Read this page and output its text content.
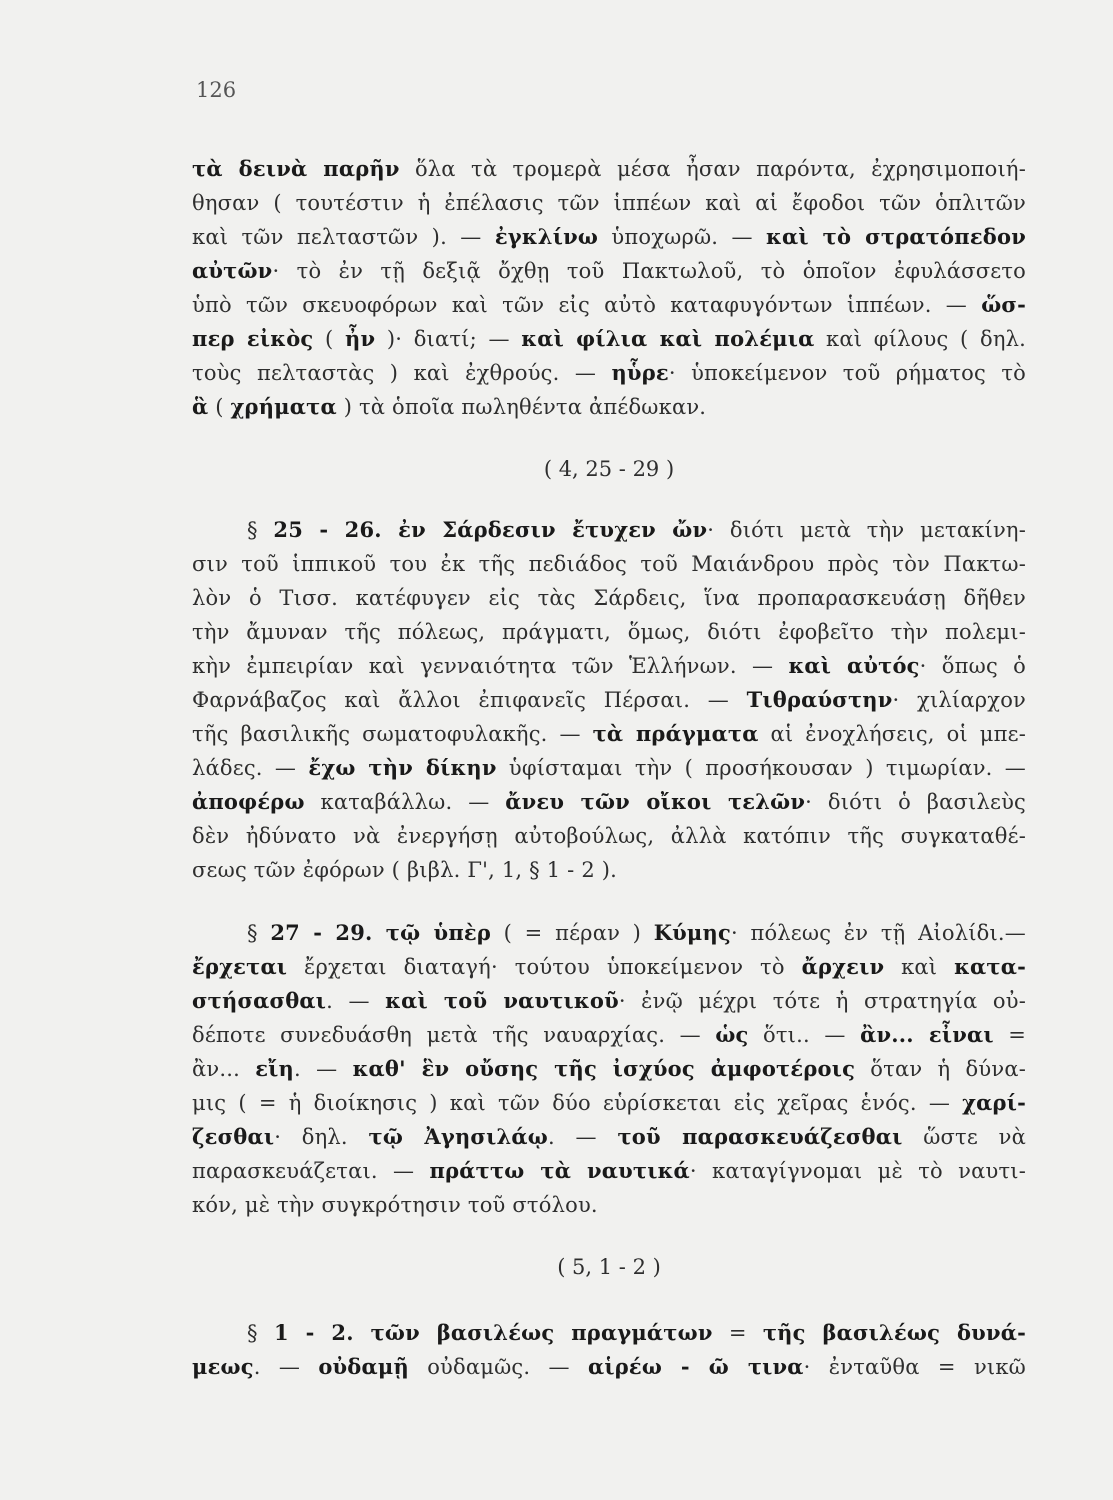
126
τὰ δεινὰ παρῆν ὅλα τὰ τρομερὰ μέσα ἦσαν παρόντα, ἐχρησιμοποιή-
θησαν ( τουτέστιν ἡ ἐπέλασις τῶν ἱππέων καὶ αἱ ἔφοδοι τῶν ὁπλιτῶν
καὶ τῶν πελταστῶν ). — ἐγκλίνω ὑποχωρῶ. — καὶ τὸ στρατόπεδον
αὐτῶν· τὸ ἐν τῇ δεξιᾷ ὄχθῃ τοῦ Πακτωλοῦ, τὸ ὁποῖον ἐφυλάσσετο
ὑπὸ τῶν σκευοφόρων καὶ τῶν εἰς αὐτὸ καταφυγόντων ἱππέων. — ὥσ-
περ εἰκὸς ( ἦν )· διατί; — καὶ φίλια καὶ πολέμια καὶ φίλους ( δηλ.
τοὺς πελταστὰς ) καὶ ἐχθρούς. — ηὗρε· ὑποκείμενον τοῦ ρήματος τὸ
ἃ ( χρήματα ) τὰ ὁποῖα πωληθέντα ἀπέδωκαν.
( 4, 25 - 29 )
§ 25 - 26. ἐν Σάρδεσιν ἔτυχεν ὤν· διότι μετὰ τὴν μετακίνη-
σιν τοῦ ἱππικοῦ του ἐκ τῆς πεδιάδος τοῦ Μαιάνδρου πρὸς τὸν Πακτω-
λὸν ὁ Τισσ. κατέφυγεν εἰς τὰς Σάρδεις, ἵνα προπαρασκευάσῃ δῆθεν
τὴν ἄμυναν τῆς πόλεως, πράγματι, ὅμως, διότι ἐφοβεῖτο τὴν πολεμι-
κὴν ἐμπειρίαν καὶ γενναιότητα τῶν Ἑλλήνων. — καὶ αὐτός· ὅπως ὁ
Φαρνάβαζος καὶ ἄλλοι ἐπιφανεῖς Πέρσαι. — Τιθραύστην· χιλίαρχον
τῆς βασιλικῆς σωματοφυλακῆς. — τὰ πράγματα αἱ ἐνοχλήσεις, οἱ μπε-
λάδες. — ἔχω τὴν δίκην ὑφίσταμαι τὴν ( προσήκουσαν ) τιμωρίαν. —
ἀποφέρω καταβάλλω. — ἄνευ τῶν οἴκοι τελῶν· διότι ὁ βασιλεὺς
δὲν ἠδύνατο νὰ ἐνεργήσῃ αὐτοβούλως, ἀλλὰ κατόπιν τῆς συγκαταθέ-
σεως τῶν ἐφόρων ( βιβλ. Γ', 1, § 1 - 2 ).
§ 27 - 29. τῷ ὑπὲρ ( = πέραν ) Κύμης· πόλεως ἐν τῇ Αἰολίδι.—
ἔρχεται ἔρχεται διαταγή· τούτου ὑποκείμενον τὸ ἄρχειν καὶ κατα-
στήσασθαι. — καὶ τοῦ ναυτικοῦ· ἐνῷ μέχρι τότε ἡ στρατηγία οὐ-
δέποτε συνεδυάσθη μετὰ τῆς ναυαρχίας. — ὡς ὅτι.. — ἂν... εἶναι =
ἂν... εἴη. — καθ' ἓν οὔσης τῆς ἰσχύος ἀμφοτέροις ὅταν ἡ δύνα-
μις ( = ἡ διοίκησις ) καὶ τῶν δύο εὑρίσκεται εἰς χεῖρας ἑνός. — χαρί-
ζεσθαι· δηλ. τῷ Ἀγησιλάῳ. — τοῦ παρασκευάζεσθαι ὥστε νὰ
παρασκευάζεται. — πράττω τὰ ναυτικά· καταγίγνομαι μὲ τὸ ναυτι-
κόν, μὲ τὴν συγκρότησιν τοῦ στόλου.
( 5, 1 - 2 )
§ 1 - 2. τῶν βασιλέως πραγμάτων = τῆς βασιλέως δυνά-
μεως. — οὐδαμῇ οὐδαμῶς. — αἱρέω - ῶ τινα· ἐνταῦθα = νικῶ
